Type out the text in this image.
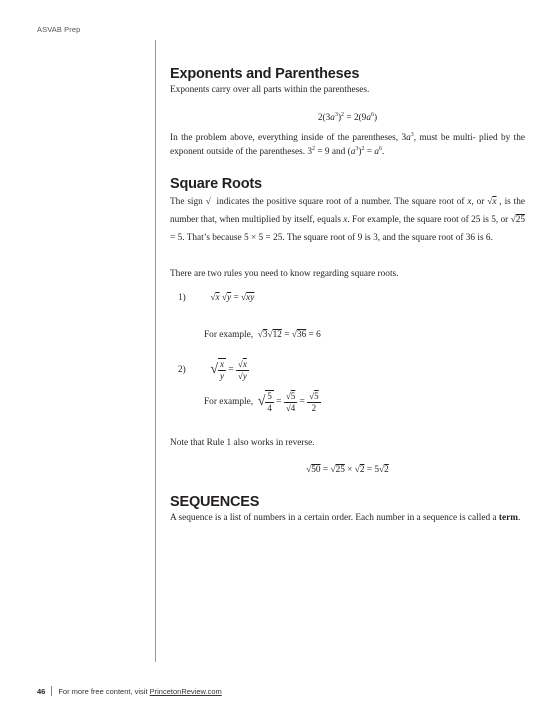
ASVAB Prep
Exponents and Parentheses

Exponents carry over all parts within the parentheses.

$2(3a^3)^2 = 2(9a^6)$

In the problem above, everything inside of the parentheses, $3a^3$, must be multi- plied by the exponent outside of the parentheses. $3^2 = 9$ and $(a^3)^2 = a^6$.

Square Roots

The sign √  indicates the positive square root of a number. The square root of x, or √x , is the number that, when multiplied by itself, equals x. For example, the square root of 25 is 5, or √25 = 5. That’s because 5 × 5 = 25. The square root of 9 is 3, and the square root of 36 is 6.

There are two rules you need to know regarding square roots.
1) √x √y = √xy
For example,  √3√12 = √36 = 6
2) √ $\frac{x}{y} = \frac{√x}{√y}$
For example, √ $\frac{5}{4} = \frac{√5}{√4} = \frac{√5}{2}$
Note that Rule 1 also works in reverse.
√50 = √25 × √2 = 5√2
SEQUENCES

A sequence is a list of numbers in a certain order. Each number in a sequence is called a term.

46 For more free content, visit PrincetonReview.com
